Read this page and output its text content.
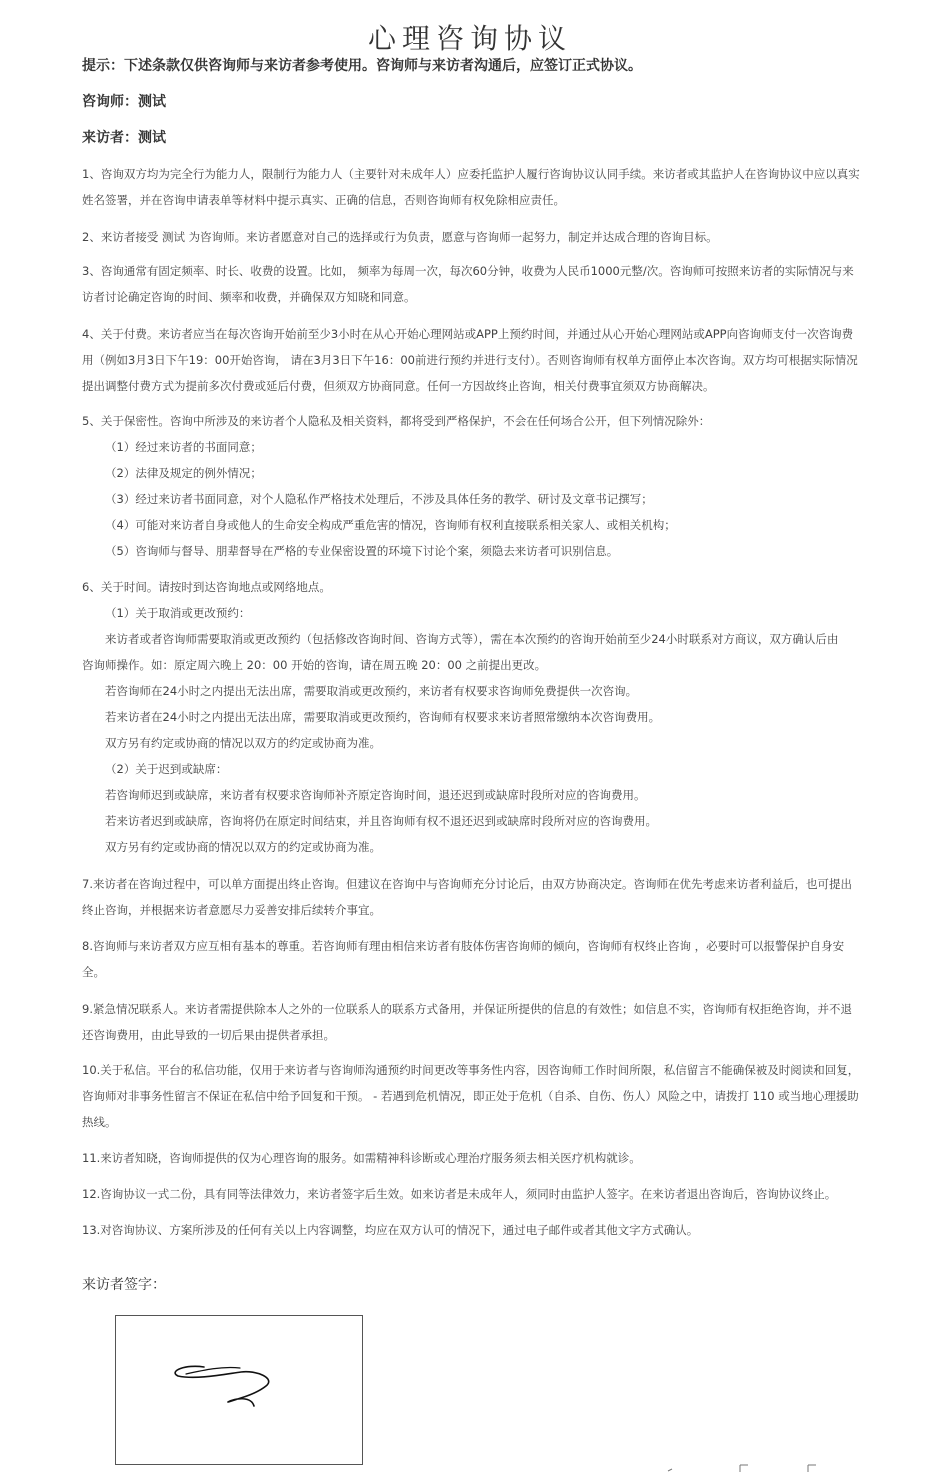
心理咨询协议
提示：下述条款仅供咨询师与来访者参考使用。咨询师与来访者沟通后，应签订正式协议。
咨询师：测试
来访者：测试

1、咨询双方均为完全行为能力人，限制行为能力人（主要针对未成年人）应委托监护人履行咨询协议认同手续。来访者或其监护人在咨询协议中应以真实姓名签署，并在咨询申请表单等材料中提示真实、正确的信息，否则咨询师有权免除相应责任。

2、来访者接受 测试 为咨询师。来访者愿意对自己的选择或行为负责，愿意与咨询师一起努力，制定并达成合理的咨询目标。

3、咨询通常有固定频率、时长、收费的设置。比如， 频率为每周一次，每次60分钟，收费为人民币1000元整/次。咨询师可按照来访者的实际情况与来访者讨论确定咨询的时间、频率和收费，并确保双方知晓和同意。

4、关于付费。来访者应当在每次咨询开始前至少3小时在从心开始心理网站或APP上预约时间，并通过从心开始心理网站或APP向咨询师支付一次咨询费用（例如3月3日下午19：00开始咨询， 请在3月3日下午16：00前进行预约并进行支付）。否则咨询师有权单方面停止本次咨询。双方均可根据实际情况提出调整付费方式为提前多次付费或延后付费，但须双方协商同意。任何一方因故终止咨询，相关付费事宜须双方协商解决。

5、关于保密性。咨询中所涉及的来访者个人隐私及相关资料，都将受到严格保护，不会在任何场合公开，但下列情况除外：
（1）经过来访者的书面同意；
（2）法律及规定的例外情况；
（3）经过来访者书面同意，对个人隐私作严格技术处理后，不涉及具体任务的教学、研讨及文章书记撰写；
（4）可能对来访者自身或他人的生命安全构成严重危害的情况，咨询师有权利直接联系相关家人、或相关机构；
（5）咨询师与督导、朋辈督导在严格的专业保密设置的环境下讨论个案，须隐去来访者可识别信息。
6、关于时间。请按时到达咨询地点或网络地点。
（1）关于取消或更改预约：
来访者或者咨询师需要取消或更改预约（包括修改咨询时间、咨询方式等），需在本次预约的咨询开始前至少24小时联系对方商议，双方确认后由
咨询师操作。如：原定周六晚上 20：00 开始的咨询，请在周五晚 20：00 之前提出更改。
若咨询师在24小时之内提出无法出席，需要取消或更改预约，来访者有权要求咨询师免费提供一次咨询。
若来访者在24小时之内提出无法出席，需要取消或更改预约，咨询师有权要求来访者照常缴纳本次咨询费用。
双方另有约定或协商的情况以双方的约定或协商为准。
（2）关于迟到或缺席：
若咨询师迟到或缺席，来访者有权要求咨询师补齐原定咨询时间，退还迟到或缺席时段所对应的咨询费用。
若来访者迟到或缺席，咨询将仍在原定时间结束，并且咨询师有权不退还迟到或缺席时段所对应的咨询费用。
双方另有约定或协商的情况以双方的约定或协商为准。

7.来访者在咨询过程中，可以单方面提出终止咨询。但建议在咨询中与咨询师充分讨论后，由双方协商决定。咨询师在优先考虑来访者利益后，也可提出终止咨询，并根据来访者意愿尽力妥善安排后续转介事宜。

8.咨询师与来访者双方应互相有基本的尊重。若咨询师有理由相信来访者有肢体伤害咨询师的倾向，咨询师有权终止咨询 ，必要时可以报警保护自身安全。

9.紧急情况联系人。来访者需提供除本人之外的一位联系人的联系方式备用，并保证所提供的信息的有效性；如信息不实，咨询师有权拒绝咨询，并不退还咨询费用，由此导致的一切后果由提供者承担。

10.关于私信。平台的私信功能，仅用于来访者与咨询师沟通预约时间更改等事务性内容，因咨询师工作时间所限，私信留言不能确保被及时阅读和回复，咨询师对非事务性留言不保证在私信中给予回复和干预。 - 若遇到危机情况，即正处于危机（自杀、自伤、伤人）风险之中，请拨打 110 或当地心理援助热线。

11.来访者知晓，咨询师提供的仅为心理咨询的服务。如需精神科诊断或心理治疗服务须去相关医疗机构就诊。

12.咨询协议一式二份，具有同等法律效力，来访者签字后生效。如来访者是未成年人，须同时由监护人签字。在来访者退出咨询后，咨询协议终止。

13.对咨询协议、方案所涉及的任何有关以上内容调整，均应在双方认可的情况下，通过电子邮件或者其他文字方式确认。

来访者签字：
